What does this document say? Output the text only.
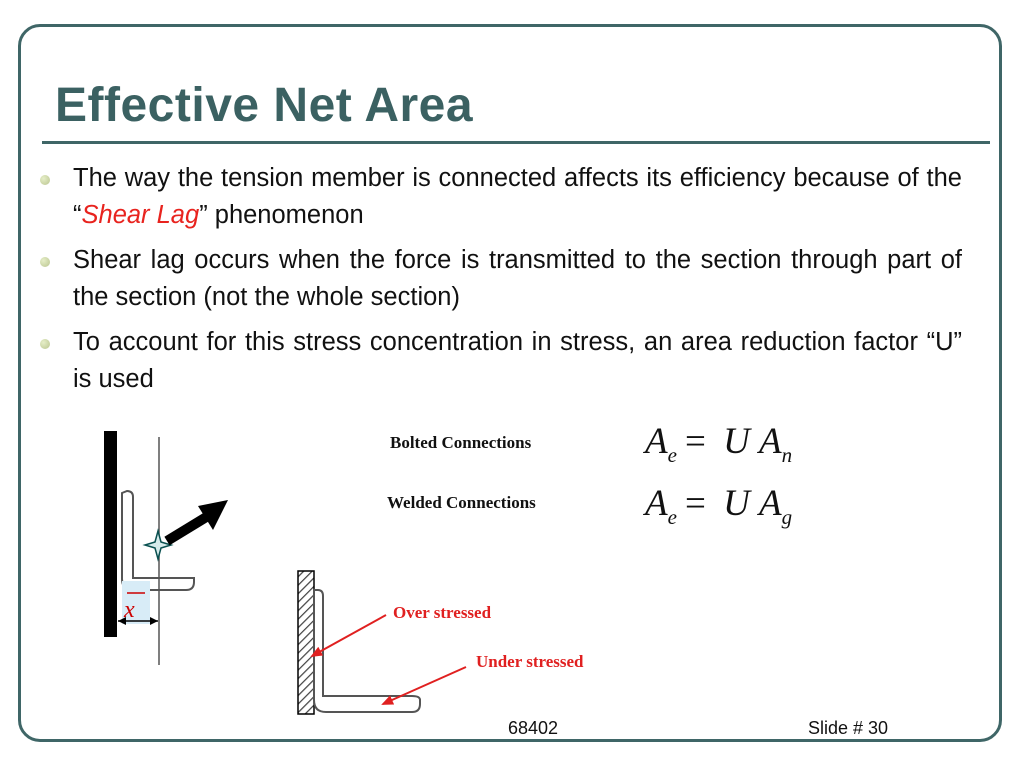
Effective Net Area
The way the tension member is connected affects its efficiency because of the “Shear Lag” phenomenon
Shear lag occurs when the force is transmitted to the section through part of the section (not the whole section)
To account for this stress concentration in stress, an area reduction factor “U” is used
x
Bolted Connections
Welded Connections
$A_e = U$ $A_n$
$A_e = U$ $A_g$
Over stressed
Under stressed
68402	Slide # 30
